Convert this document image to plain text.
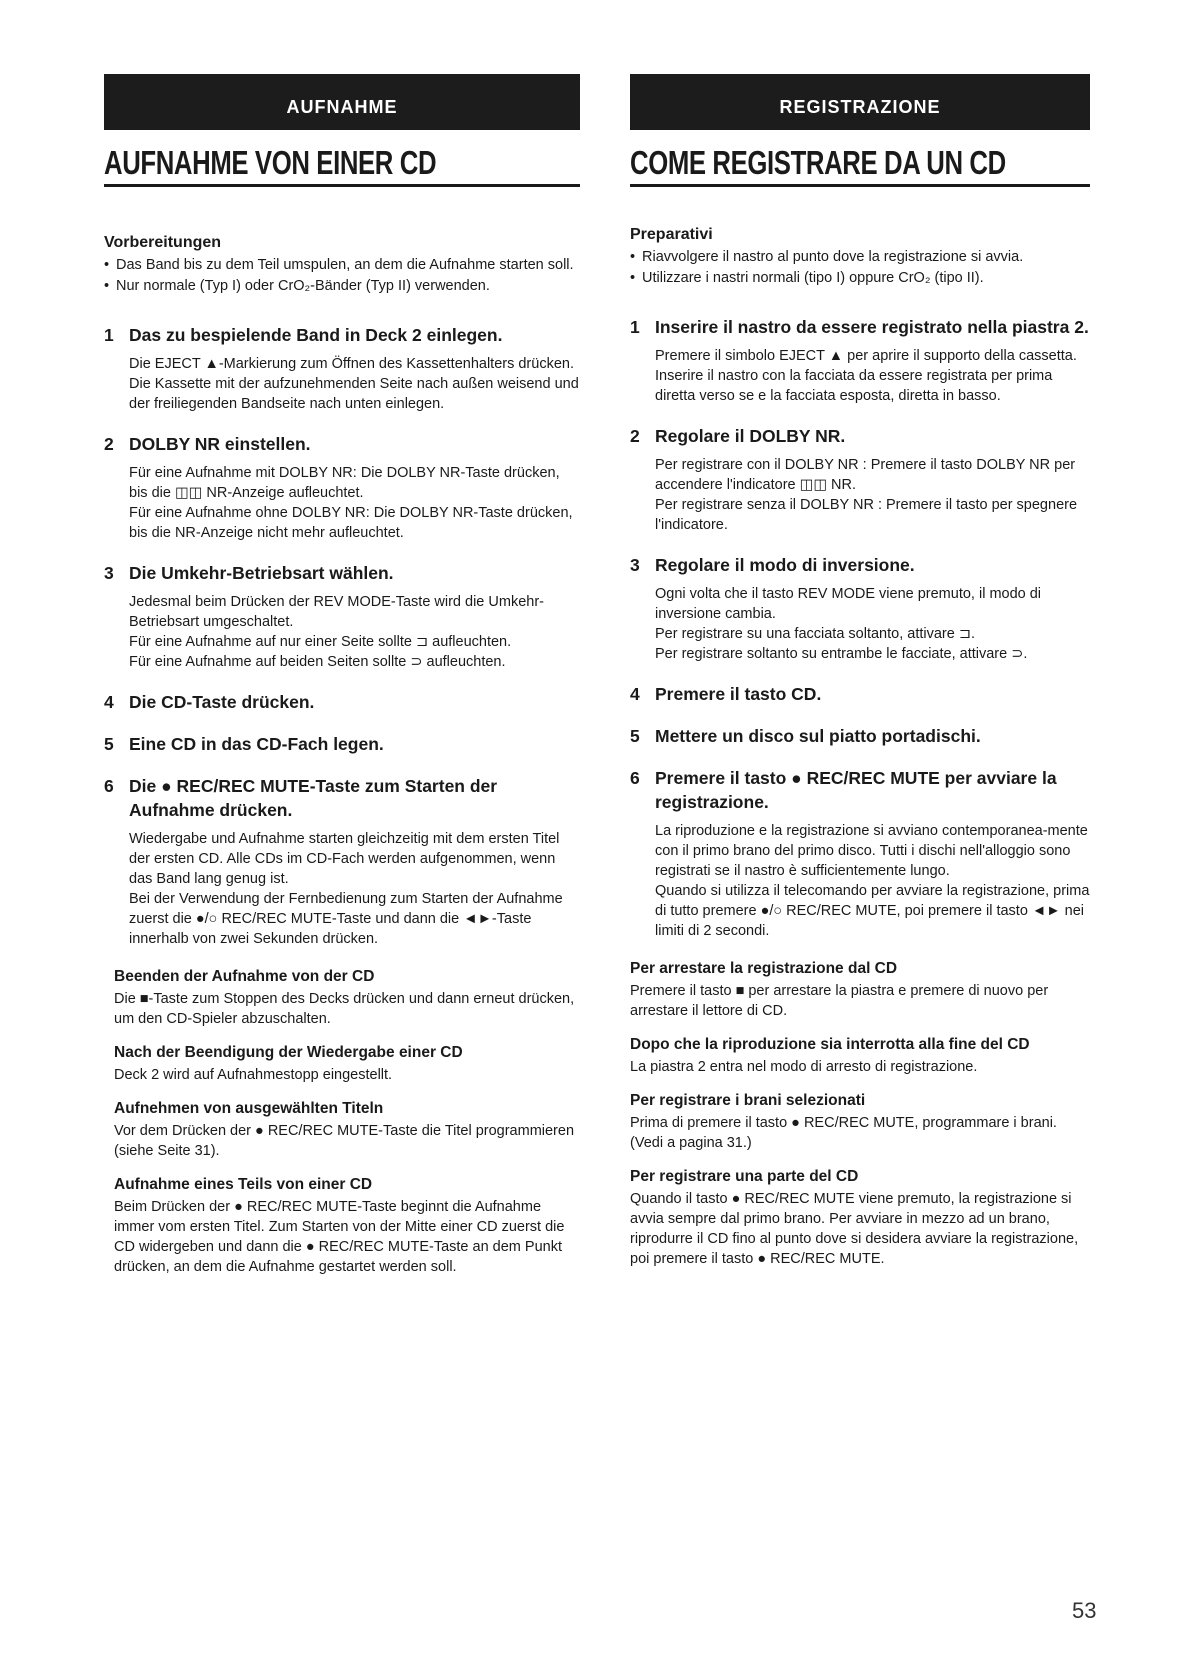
AUFNAHME
AUFNAHME VON EINER CD
Vorbereitungen
• Das Band bis zu dem Teil umspulen, an dem die Aufnahme starten soll.
• Nur normale (Typ I) oder CrO₂-Bänder (Typ II) verwenden.
1 Das zu bespielende Band in Deck 2 einlegen.

Die EJECT ▲-Markierung zum Öffnen des Kassettenhalters drücken.

Die Kassette mit der aufzunehmenden Seite nach außen weisend und der freiliegenden Bandseite nach unten einlegen.

2 DOLBY NR einstellen.

Für eine Aufnahme mit DOLBY NR: Die DOLBY NR-Taste drücken, bis die ◫◫ NR-Anzeige aufleuchtet.

Für eine Aufnahme ohne DOLBY NR: Die DOLBY NR-Taste drücken, bis die NR-Anzeige nicht mehr aufleuchtet.

3 Die Umkehr-Betriebsart wählen.

Jedesmal beim Drücken der REV MODE-Taste wird die Umkehr-Betriebsart umgeschaltet.

Für eine Aufnahme auf nur einer Seite sollte ⊐ aufleuchten.

Für eine Aufnahme auf beiden Seiten sollte ⊃ aufleuchten.

4 Die CD-Taste drücken.
5 Eine CD in das CD-Fach legen.
6 Die ● REC/REC MUTE-Taste zum Starten der Aufnahme drücken.

Wiedergabe und Aufnahme starten gleichzeitig mit dem ersten Titel der ersten CD. Alle CDs im CD-Fach werden aufgenommen, wenn das Band lang genug ist.

Bei der Verwendung der Fernbedienung zum Starten der Aufnahme zuerst die ●/○ REC/REC MUTE-Taste und dann die ◄►-Taste innerhalb von zwei Sekunden drücken.

Beenden der Aufnahme von der CD

Die ■-Taste zum Stoppen des Decks drücken und dann erneut drücken, um den CD-Spieler abzuschalten.

Nach der Beendigung der Wiedergabe einer CD

Deck 2 wird auf Aufnahmestopp eingestellt.

Aufnehmen von ausgewählten Titeln

Vor dem Drücken der ● REC/REC MUTE-Taste die Titel programmieren (siehe Seite 31).

Aufnahme eines Teils von einer CD

Beim Drücken der ● REC/REC MUTE-Taste beginnt die Aufnahme immer vom ersten Titel. Zum Starten von der Mitte einer CD zuerst die CD widergeben und dann die ● REC/REC MUTE-Taste an dem Punkt drücken, an dem die Aufnahme gestartet werden soll.

REGISTRAZIONE
COME REGISTRARE DA UN CD
Preparativi
• Riavvolgere il nastro al punto dove la registrazione si avvia.
• Utilizzare i nastri normali (tipo I) oppure CrO₂ (tipo II).
1 Inserire il nastro da essere registrato nella piastra 2.

Premere il simbolo EJECT ▲ per aprire il supporto della cassetta.

Inserire il nastro con la facciata da essere registrata per prima diretta verso se e la facciata esposta, diretta in basso.

2 Regolare il DOLBY NR.

Per registrare con il DOLBY NR : Premere il tasto DOLBY NR per accendere l'indicatore ◫◫ NR.

Per registrare senza il DOLBY NR : Premere il tasto per spegnere l'indicatore.

3 Regolare il modo di inversione.

Ogni volta che il tasto REV MODE viene premuto, il modo di inversione cambia.

Per registrare su una facciata soltanto, attivare ⊐.

Per registrare soltanto su entrambe le facciate, attivare ⊃.

4 Premere il tasto CD.
5 Mettere un disco sul piatto portadischi.
6 Premere il tasto ● REC/REC MUTE per avviare la registrazione.

La riproduzione e la registrazione si avviano contemporanea-mente con il primo brano del primo disco. Tutti i dischi nell'alloggio sono registrati se il nastro è sufficientemente lungo.

Quando si utilizza il telecomando per avviare la registrazione, prima di tutto premere ●/○ REC/REC MUTE, poi premere il tasto ◄► nei limiti di 2 secondi.

Per arrestare la registrazione dal CD

Premere il tasto ■ per arrestare la piastra e premere di nuovo per arrestare il lettore di CD.

Dopo che la riproduzione sia interrotta alla fine del CD

La piastra 2 entra nel modo di arresto di registrazione.

Per registrare i brani selezionati

Prima di premere il tasto ● REC/REC MUTE, programmare i brani. (Vedi a pagina 31.)

Per registrare una parte del CD

Quando il tasto ● REC/REC MUTE viene premuto, la registrazione si avvia sempre dal primo brano. Per avviare in mezzo ad un brano, riprodurre il CD fino al punto dove si desidera avviare la registrazione, poi premere il tasto ● REC/REC MUTE.

53
